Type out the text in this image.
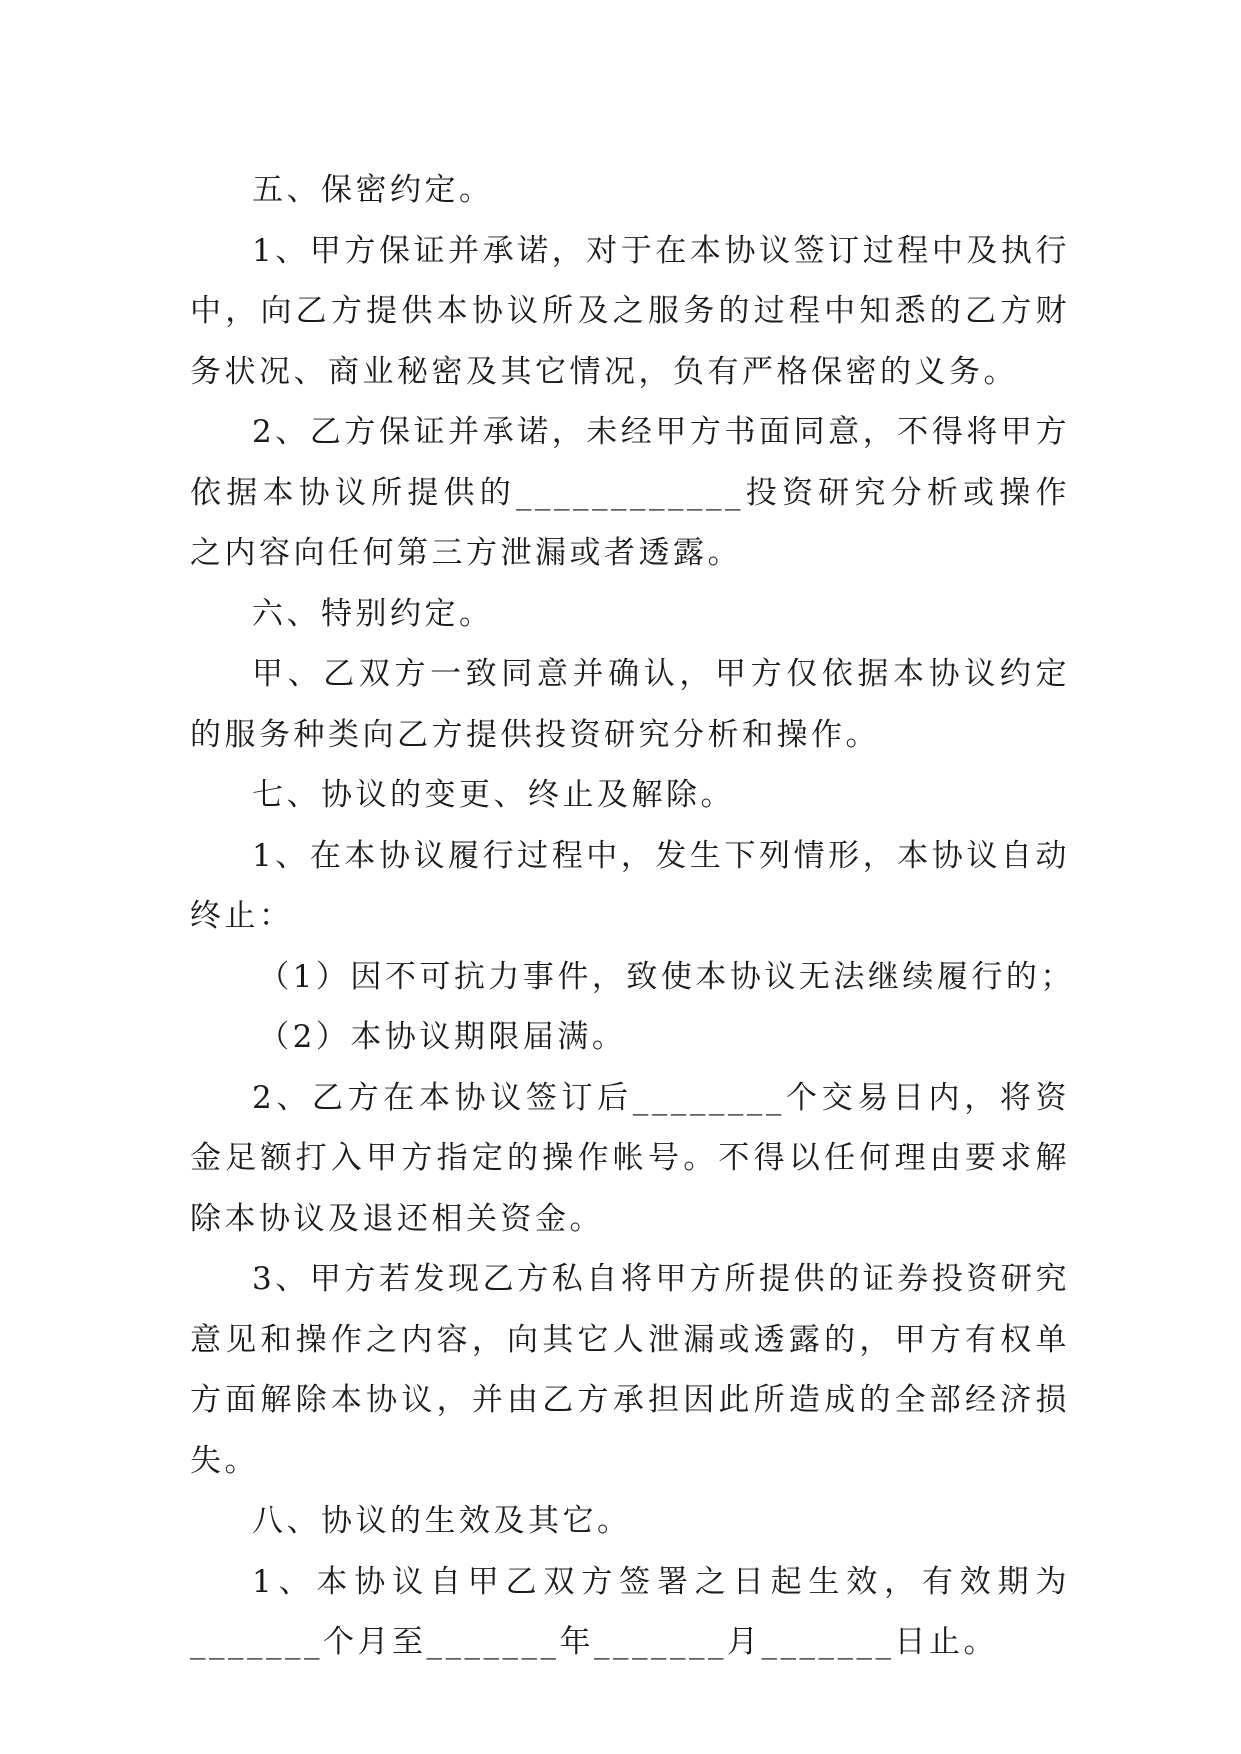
五、保密约定。

1、甲方保证并承诺，对于在本协议签订过程中及执行中，向乙方提供本协议所及之服务的过程中知悉的乙方财务状况、商业秘密及其它情况，负有严格保密的义务。

2、乙方保证并承诺，未经甲方书面同意，不得将甲方依据本协议所提供的____________投资研究分析或操作之内容向任何第三方泄漏或者透露。

六、特别约定。

甲、乙双方一致同意并确认，甲方仅依据本协议约定的服务种类向乙方提供投资研究分析和操作。

七、协议的变更、终止及解除。

1、在本协议履行过程中，发生下列情形，本协议自动终止：

（1）因不可抗力事件，致使本协议无法继续履行的；

（2）本协议期限届满。

2、乙方在本协议签订后________个交易日内，将资金足额打入甲方指定的操作帐号。不得以任何理由要求解除本协议及退还相关资金。

3、甲方若发现乙方私自将甲方所提供的证券投资研究意见和操作之内容，向其它人泄漏或透露的，甲方有权单方面解除本协议，并由乙方承担因此所造成的全部经济损失。

八、协议的生效及其它。

1、本协议自甲乙双方签署之日起生效，有效期为_______个月至_______年_______月_______日止。
